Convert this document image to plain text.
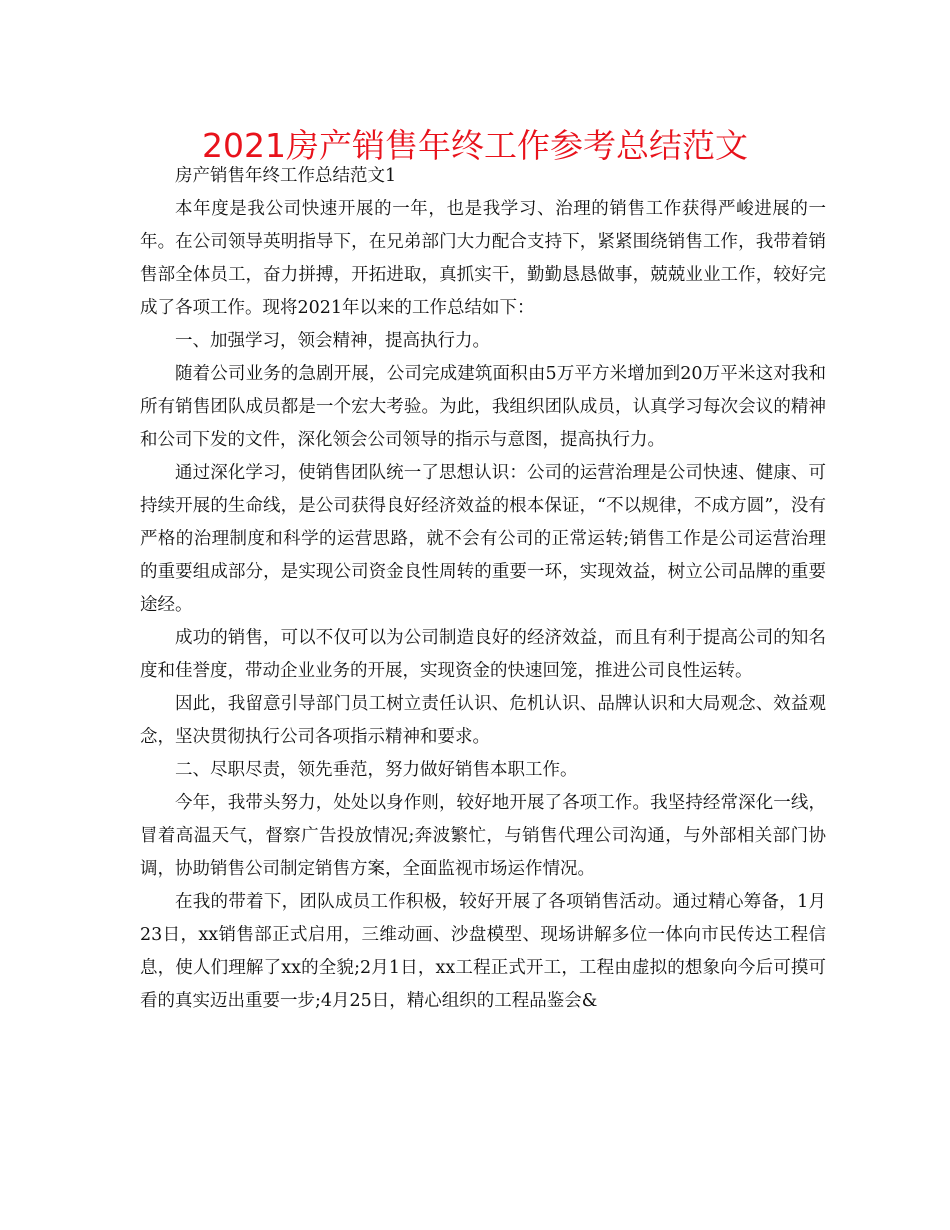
2021房产销售年终工作参考总结范文

房产销售年终工作总结范文1

本年度是我公司快速开展的一年，也是我学习、治理的销售工作获得严峻进展的一年。在公司领导英明指导下，在兄弟部门大力配合支持下，紧紧围绕销售工作，我带着销售部全体员工，奋力拼搏，开拓进取，真抓实干，勤勤恳恳做事，兢兢业业工作，较好完成了各项工作。现将2021年以来的工作总结如下：

一、加强学习，领会精神，提高执行力。

随着公司业务的急剧开展，公司完成建筑面积由5万平方米增加到20万平米这对我和所有销售团队成员都是一个宏大考验。为此，我组织团队成员，认真学习每次会议的精神和公司下发的文件，深化领会公司领导的指示与意图，提高执行力。

通过深化学习，使销售团队统一了思想认识：公司的运营治理是公司快速、健康、可持续开展的生命线，是公司获得良好经济效益的根本保证，“不以规律，不成方圆”，没有严格的治理制度和科学的运营思路，就不会有公司的正常运转;销售工作是公司运营治理的重要组成部分，是实现公司资金良性周转的重要一环，实现效益，树立公司品牌的重要途经。

成功的销售，可以不仅可以为公司制造良好的经济效益，而且有利于提高公司的知名度和佳誉度，带动企业业务的开展，实现资金的快速回笼，推进公司良性运转。

因此，我留意引导部门员工树立责任认识、危机认识、品牌认识和大局观念、效益观念，坚决贯彻执行公司各项指示精神和要求。

二、尽职尽责，领先垂范，努力做好销售本职工作。

今年，我带头努力，处处以身作则，较好地开展了各项工作。我坚持经常深化一线，冒着高温天气，督察广告投放情况;奔波繁忙，与销售代理公司沟通，与外部相关部门协调，协助销售公司制定销售方案，全面监视市场运作情况。

在我的带着下，团队成员工作积极，较好开展了各项销售活动。通过精心筹备，1月23日，xx销售部正式启用，三维动画、沙盘模型、现场讲解多位一体向市民传达工程信息，使人们理解了xx的全貌;2月1日，xx工程正式开工，工程由虚拟的想象向今后可摸可看的真实迈出重要一步;4月25日，精心组织的工程品鉴会&
